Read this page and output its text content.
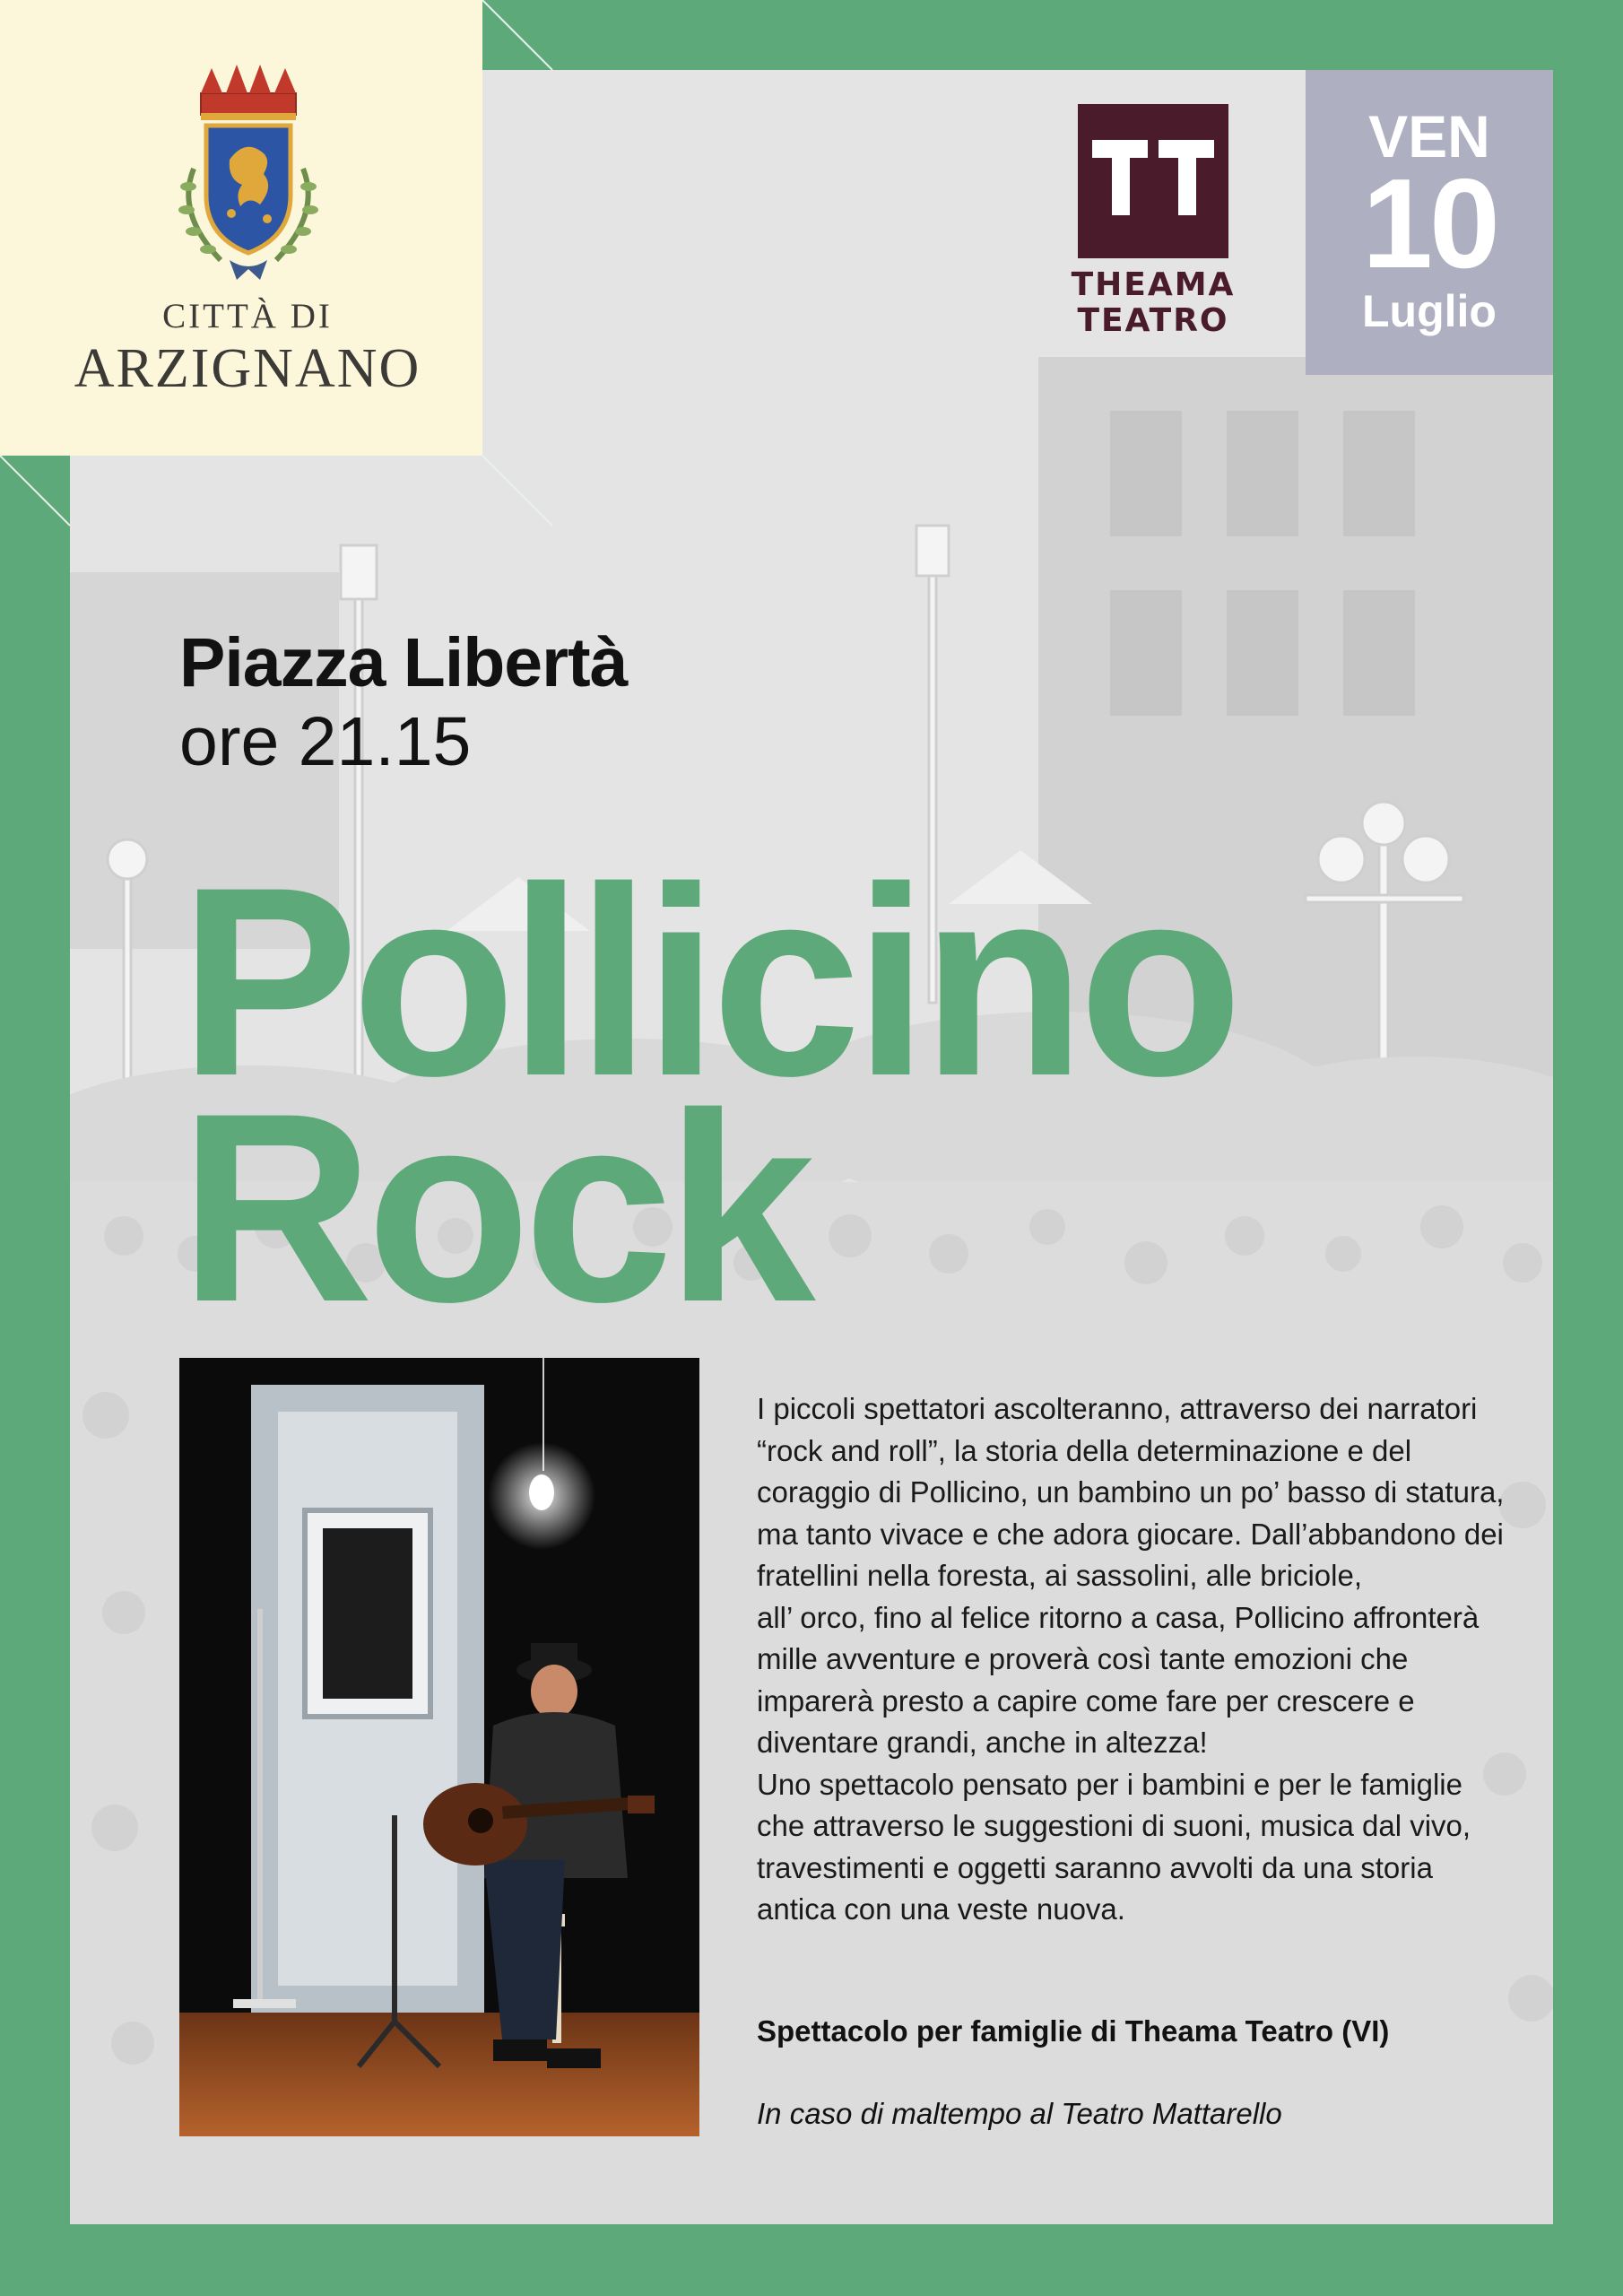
CITTÀ DI
ARZIGNANO
THEAMA
TEATRO
VEN
10
Luglio
Piazza Libertà
ore 21.15
Pollicino
Rock

I piccoli spettatori ascolteranno, attraverso dei narratori
“rock and roll”, la storia della determinazione e del
coraggio di Pollicino, un bambino un po’ basso di statura,
ma tanto vivace e che adora giocare. Dall’abbandono dei
fratellini nella foresta, ai sassolini, alle briciole,
all’ orco, fino al felice ritorno a casa, Pollicino affronterà
mille avventure e proverà così tante emozioni che
imparerà presto a capire come fare per crescere e
diventare grandi, anche in altezza!
Uno spettacolo pensato per i bambini e per le famiglie
che attraverso le suggestioni di suoni, musica dal vivo,
travestimenti e oggetti saranno avvolti da una storia
antica con una veste nuova.

Spettacolo per famiglie di Theama Teatro (VI)
In caso di maltempo al Teatro Mattarello
